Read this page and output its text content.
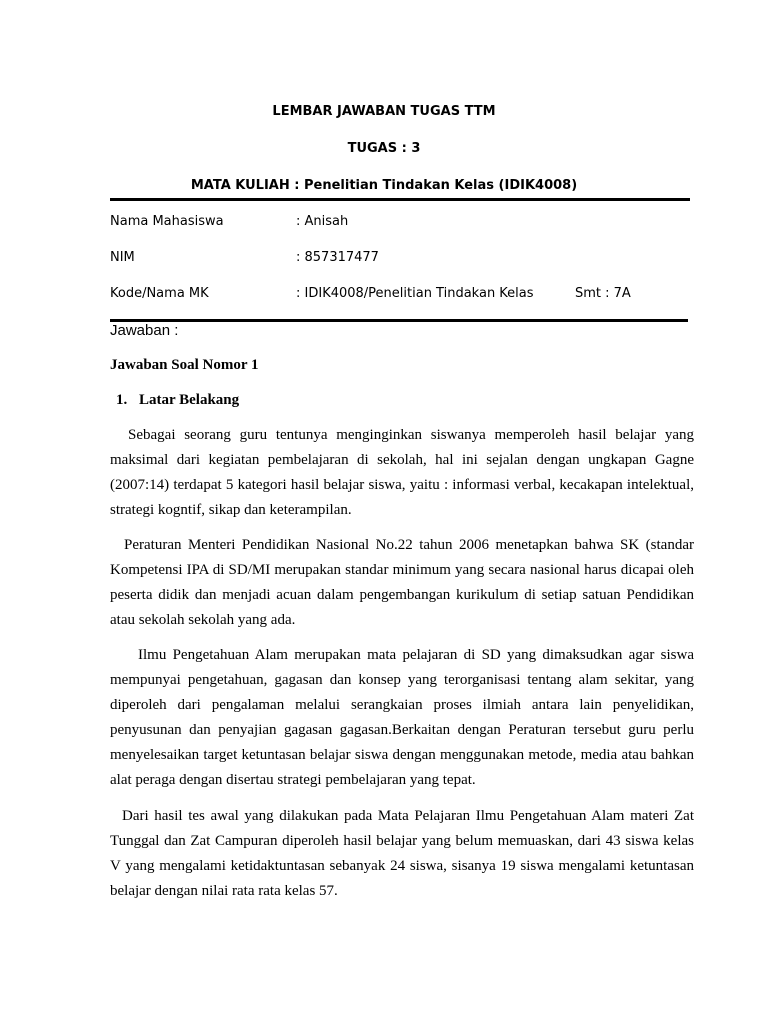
LEMBAR JAWABAN TUGAS TTM
TUGAS : 3
MATA KULIAH : Penelitian Tindakan Kelas (IDIK4008)
Nama Mahasiswa	: Anisah
NIM	: 857317477
Kode/Nama MK	: IDIK4008/Penelitian Tindakan Kelas	Smt : 7A
Jawaban :
Jawaban Soal Nomor 1
1. Latar Belakang
Sebagai seorang guru tentunya menginginkan siswanya memperoleh hasil belajar yang maksimal dari kegiatan pembelajaran di sekolah, hal ini sejalan dengan ungkapan Gagne (2007:14) terdapat 5 kategori hasil belajar siswa, yaitu : informasi verbal, kecakapan intelektual, strategi kogntif, sikap dan keterampilan.
Peraturan Menteri Pendidikan Nasional No.22 tahun 2006 menetapkan bahwa SK (standar Kompetensi IPA di SD/MI merupakan standar minimum yang secara nasional harus dicapai oleh peserta didik dan menjadi acuan dalam pengembangan kurikulum di setiap satuan Pendidikan atau sekolah sekolah yang ada.
Ilmu Pengetahuan Alam merupakan mata pelajaran di SD yang dimaksudkan agar siswa mempunyai pengetahuan, gagasan dan konsep yang terorganisasi tentang alam sekitar, yang diperoleh dari pengalaman melalui serangkaian proses ilmiah antara lain penyelidikan, penyusunan dan penyajian gagasan gagasan.Berkaitan dengan Peraturan tersebut guru perlu menyelesaikan target ketuntasan belajar siswa dengan menggunakan metode, media atau bahkan alat peraga dengan disertau strategi pembelajaran yang tepat.
Dari hasil tes awal yang dilakukan pada Mata Pelajaran Ilmu Pengetahuan Alam materi Zat Tunggal dan Zat Campuran diperoleh hasil belajar yang belum memuaskan, dari 43 siswa kelas V yang mengalami ketidaktuntasan sebanyak 24 siswa, sisanya 19 siswa mengalami ketuntasan belajar dengan nilai rata rata kelas 57.
